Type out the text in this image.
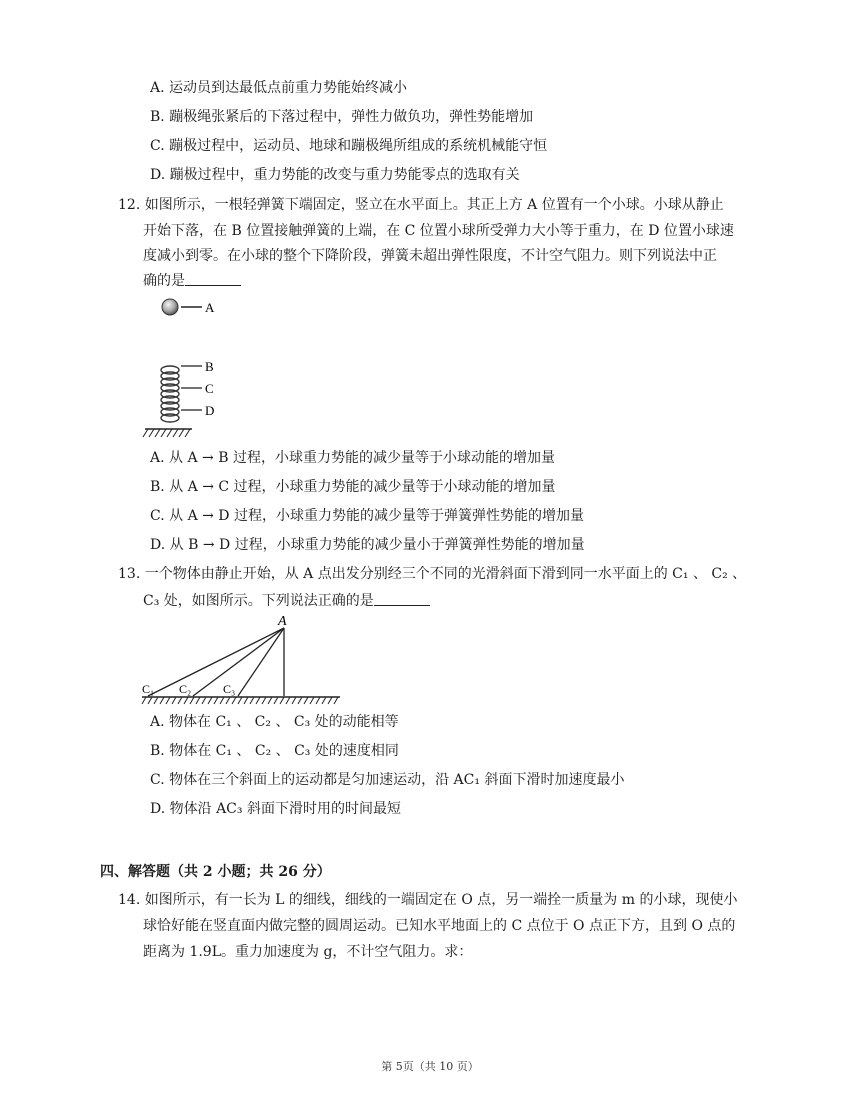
A. 运动员到达最低点前重力势能始终减小
B. 蹦极绳张紧后的下落过程中，弹性力做负功，弹性势能增加
C. 蹦极过程中，运动员、地球和蹦极绳所组成的系统机械能守恒
D. 蹦极过程中，重力势能的改变与重力势能零点的选取有关
12. 如图所示，一根轻弹簧下端固定，竖立在水平面上。其正上方 A 位置有一个小球。小球从静止
开始下落，在 B 位置接触弹簧的上端，在 C 位置小球所受弹力大小等于重力，在 D 位置小球速
度减小到零。在小球的整个下降阶段，弹簧未超出弹性限度，不计空气阻力。则下列说法中正
确的是
A
B
C
D
A. 从 A → B 过程，小球重力势能的减少量等于小球动能的增加量
B. 从 A → C 过程，小球重力势能的减少量等于小球动能的增加量
C. 从 A → D 过程，小球重力势能的减少量等于弹簧弹性势能的增加量
D. 从 B → D 过程，小球重力势能的减少量小于弹簧弹性势能的增加量
13. 一个物体由静止开始，从 A 点出发分别经三个不同的光滑斜面下滑到同一水平面上的 C₁ 、 C₂ 、
C₃ 处，如图所示。下列说法正确的是
A
C₁ C₂	C₃
A. 物体在 C₁ 、 C₂ 、 C₃ 处的动能相等
B. 物体在 C₁ 、 C₂ 、 C₃ 处的速度相同
C. 物体在三个斜面上的运动都是匀加速运动，沿 AC₁ 斜面下滑时加速度最小
D. 物体沿 AC₃ 斜面下滑时用的时间最短
四、解答题（共 2 小题；共 26 分）
14. 如图所示，有一长为 L 的细线，细线的一端固定在 O 点，另一端拴一质量为 m 的小球，现使小
球恰好能在竖直面内做完整的圆周运动。已知水平地面上的 C 点位于 O 点正下方，且到 O 点的
距离为 1.9L。重力加速度为 g，不计空气阻力。求：
第 5页（共 10 页）
